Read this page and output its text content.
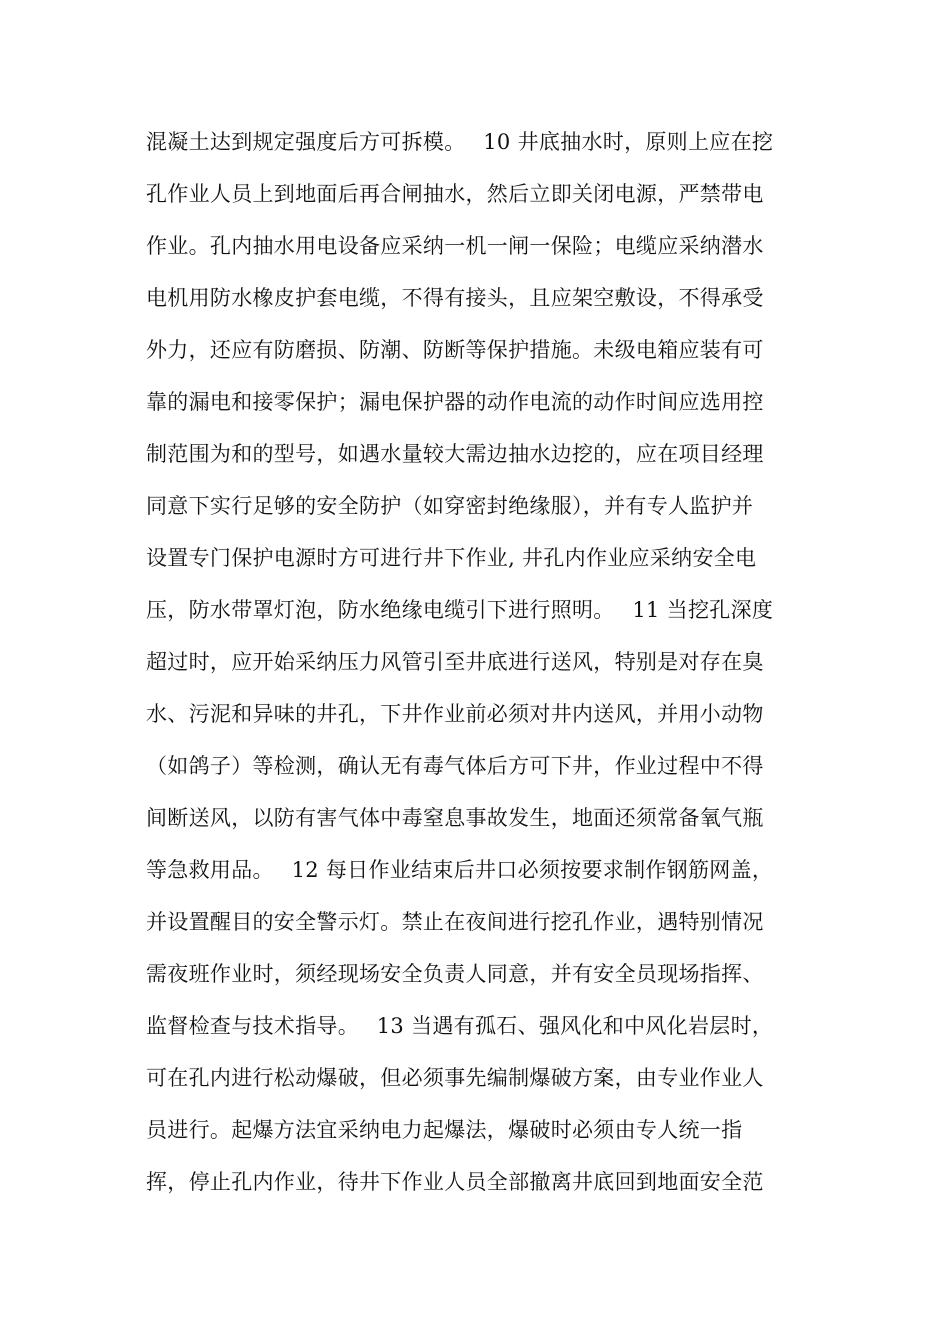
混凝土达到规定强度后方可拆模。　 10 井底抽水时，原则上应在挖
孔作业人员上到地面后再合闸抽水，然后立即关闭电源，严禁带电
作业。孔内抽水用电设备应采纳一机一闸一保险；电缆应采纳潜水
电机用防水橡皮护套电缆，不得有接头，且应架空敷设，不得承受
外力，还应有防磨损、防潮、防断等保护措施。未级电箱应装有可
靠的漏电和接零保护；漏电保护器的动作电流的动作时间应选用控
制范围为和的型号，如遇水量较大需边抽水边挖的，应在项目经理
同意下实行足够的安全防护（如穿密封绝缘服），并有专人监护并
设置专门保护电源时方可进行井下作业, 井孔内作业应采纳安全电
压，防水带罩灯泡，防水绝缘电缆引下进行照明。　 11 当挖孔深度
超过时，应开始采纳压力风管引至井底进行送风，特别是对存在臭
水、污泥和异味的井孔，下井作业前必须对井内送风，并用小动物
（如鸽子）等检测，确认无有毒气体后方可下井，作业过程中不得
间断送风，以防有害气体中毒窒息事故发生，地面还须常备氧气瓶
等急救用品。　 12 每日作业结束后井口必须按要求制作钢筋网盖，
并设置醒目的安全警示灯。禁止在夜间进行挖孔作业，遇特别情况
需夜班作业时，须经现场安全负责人同意，并有安全员现场指挥、
监督检查与技术指导。　 13 当遇有孤石、强风化和中风化岩层时，
可在孔内进行松动爆破，但必须事先编制爆破方案，由专业作业人
员进行。起爆方法宜采纳电力起爆法，爆破时必须由专人统一指
挥，停止孔内作业，待井下作业人员全部撤离井底回到地面安全范
